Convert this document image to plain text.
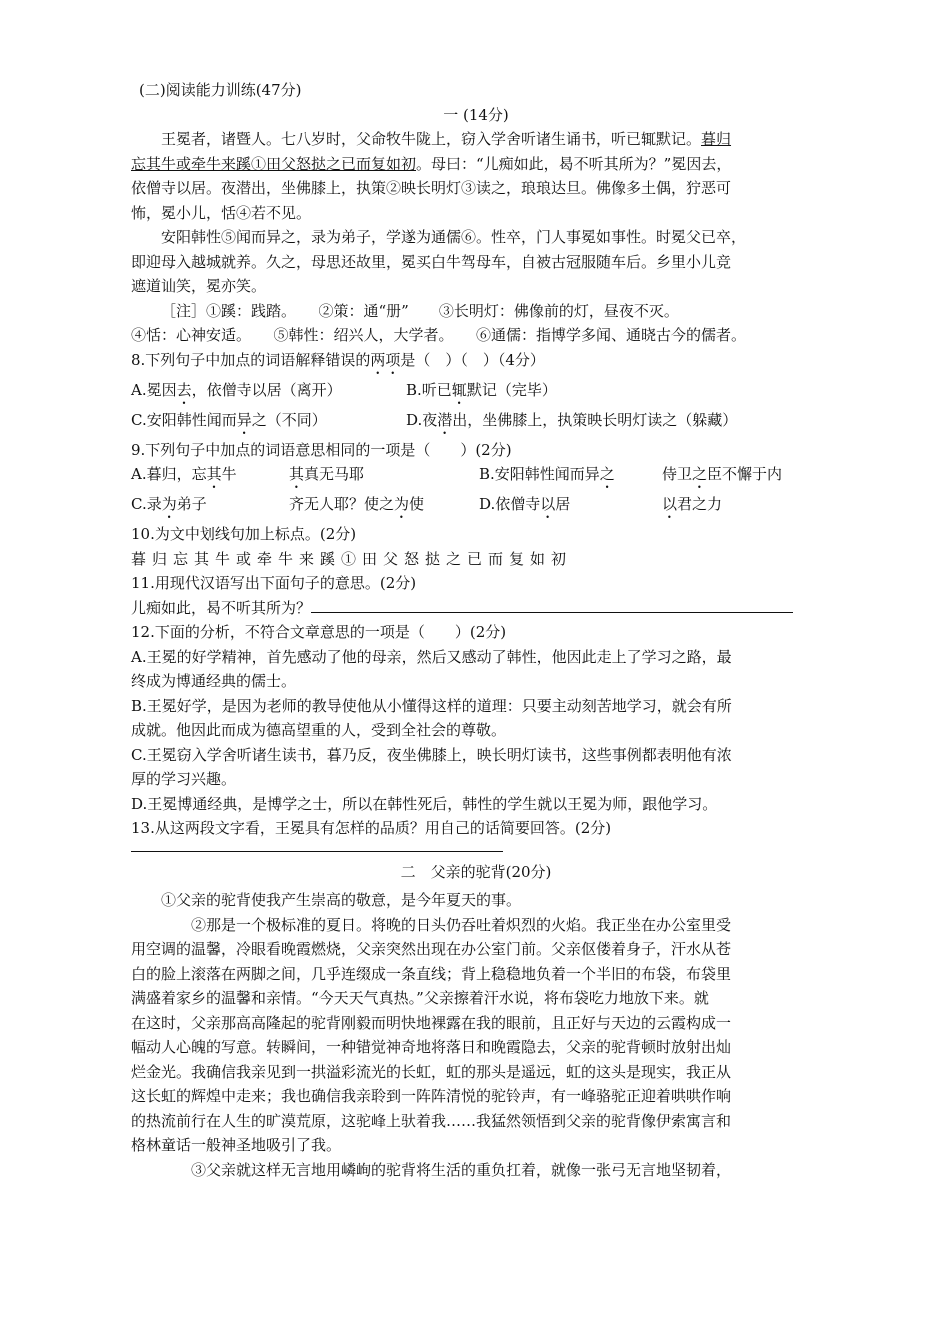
(二)阅读能力训练(47分)
一 (14分)
王冕者，诸暨人。七八岁时，父命牧牛陇上，窃入学舍听诸生诵书，听已辄默记。暮归
忘其牛或牵牛来蹊①田父怒挞之已而复如初。母曰：“儿痴如此，曷不听其所为？”冕因去，
依僧寺以居。夜潜出，坐佛膝上，执策②映长明灯③读之，琅琅达旦。佛像多土偶，狞恶可
怖，冕小儿，恬④若不见。
安阳韩性⑤闻而异之，录为弟子，学遂为通儒⑥。性卒，门人事冕如事性。时冕父已卒，
即迎母入越城就养。久之，母思还故里，冕买白牛驾母车，自被古冠服随车后。乡里小儿竞
遮道讪笑，冕亦笑。
［注］①蹊：践踏。　　②策：通“册”　　③长明灯：佛像前的灯，昼夜不灭。
④恬：心神安适。　　⑤韩性：绍兴人，大学者。　　⑥通儒：指博学多闻、通晓古今的儒者。
8.下列句子中加点的词语解释错误的两项是（　）（　）（4分）
A.冕因去，依僧寺以居（离开）	B.听已辄默记（完毕）
C.安阳韩性闻而异之（不同）	D.夜潜出，坐佛膝上，执策映长明灯读之（躲藏）
9.下列句子中加点的词语意思相同的一项是（　　）(2分)
A.暮归，忘其牛	其真无马耶	B.安阳韩性闻而异之	侍卫之臣不懈于内
C.录为弟子	齐无人耶？使之为使	D.依僧寺以居	以君之力
10.为文中划线句加上标点。(2分)
暮归忘其牛或牵牛来蹊①田父怒挞之已而复如初
11.用现代汉语写出下面句子的意思。(2分)
儿痴如此，曷不听其所为？
12.下面的分析，不符合文章意思的一项是（　　）(2分)
A.王冕的好学精神，首先感动了他的母亲，然后又感动了韩性，他因此走上了学习之路，最
终成为博通经典的儒士。
B.王冕好学，是因为老师的教导使他从小懂得这样的道理：只要主动刻苦地学习，就会有所
成就。他因此而成为德高望重的人，受到全社会的尊敬。
C.王冕窃入学舍听诸生读书，暮乃反，夜坐佛膝上，映长明灯读书，这些事例都表明他有浓
厚的学习兴趣。
D.王冕博通经典，是博学之士，所以在韩性死后，韩性的学生就以王冕为师，跟他学习。
13.从这两段文字看，王冕具有怎样的品质？用自己的话简要回答。(2分)
二　父亲的驼背(20分)
①父亲的驼背使我产生崇高的敬意，是今年夏天的事。
②那是一个极标准的夏日。将晚的日头仍吞吐着炽烈的火焰。我正坐在办公室里受
用空调的温馨，冷眼看晚霞燃烧，父亲突然出现在办公室门前。父亲伛偻着身子，汗水从苍
白的脸上滚落在两脚之间，几乎连缀成一条直线；背上稳稳地负着一个半旧的布袋，布袋里
满盛着家乡的温馨和亲情。“今天天气真热。”父亲擦着汗水说，将布袋吃力地放下来。就
在这时，父亲那高高隆起的驼背刚毅而明快地裸露在我的眼前，且正好与天边的云霞构成一
幅动人心魄的写意。转瞬间，一种错觉神奇地将落日和晚霞隐去，父亲的驼背顿时放射出灿
烂金光。我确信我亲见到一拱溢彩流光的长虹，虹的那头是遥远，虹的这头是现实，我正从
这长虹的辉煌中走来；我也确信我亲聆到一阵阵清悦的驼铃声，有一峰骆驼正迎着哄哄作响
的热流前行在人生的旷漠荒原，这驼峰上驮着我……我猛然领悟到父亲的驼背像伊索寓言和
格林童话一般神圣地吸引了我。
③父亲就这样无言地用嶙峋的驼背将生活的重负扛着，就像一张弓无言地坚韧着，
